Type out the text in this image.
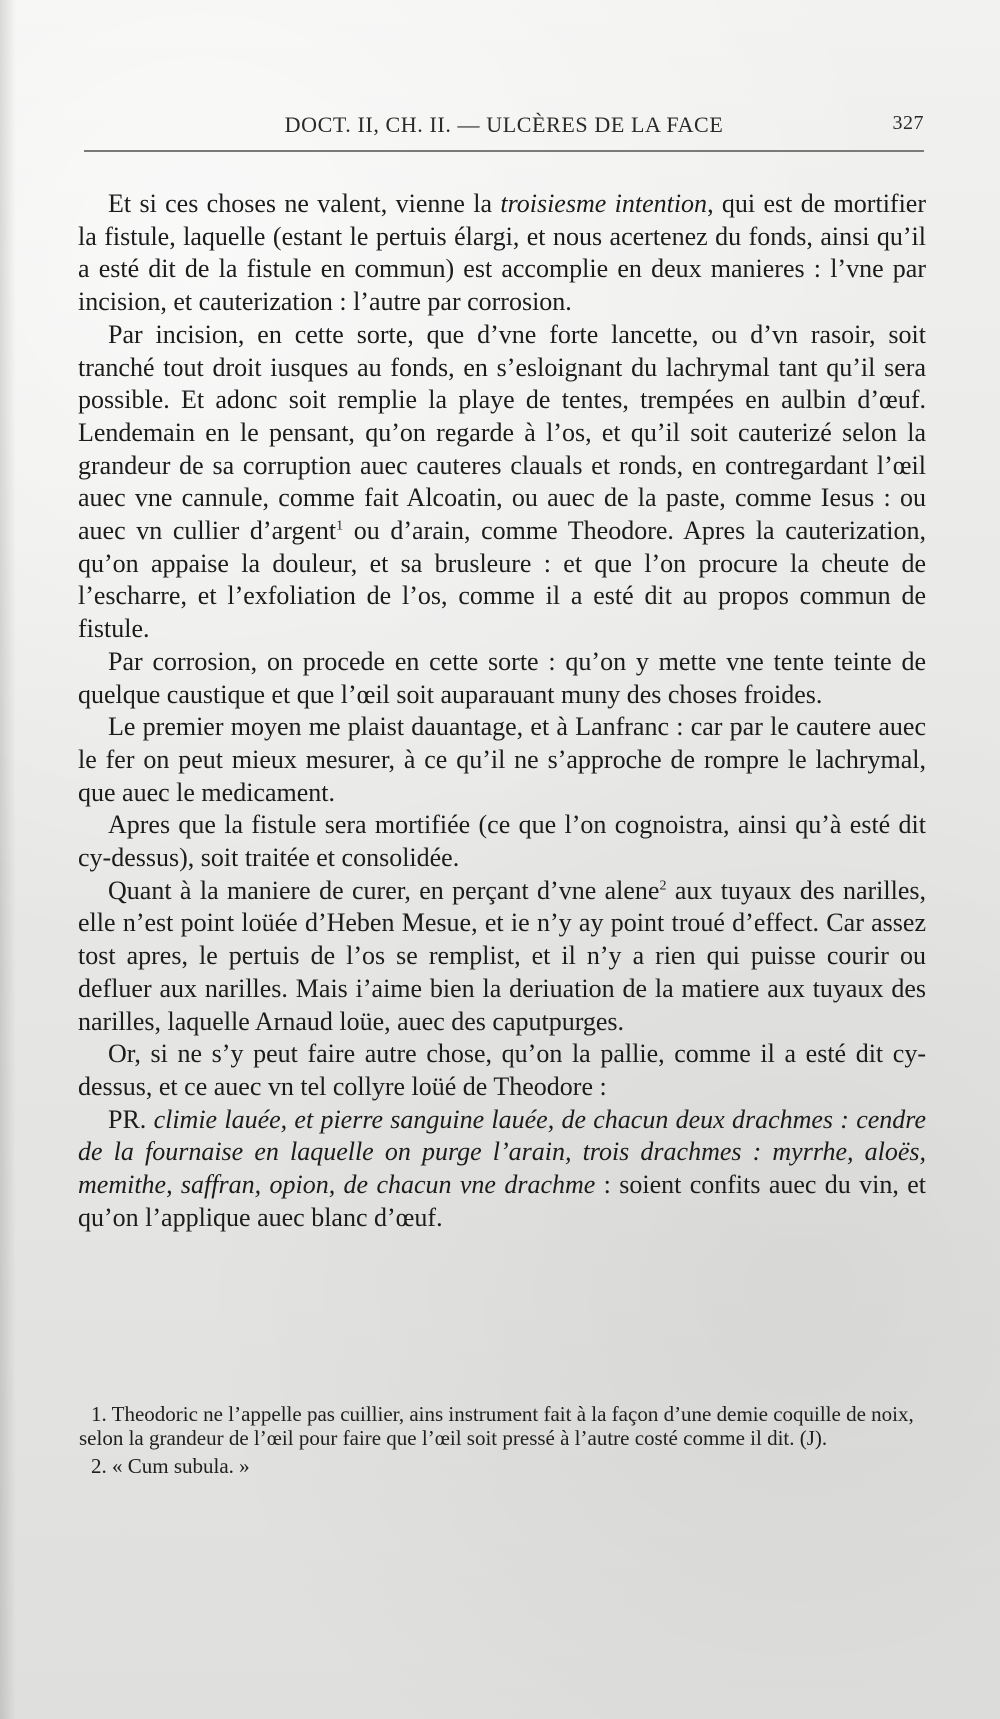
DOCT. II, CH. II. — ULCÈRES DE LA FACE	327

Et si ces choses ne valent, vienne la troisiesme intention, qui est de mortifier la fistule, laquelle (estant le pertuis élargi, et nous acertenez du fonds, ainsi qu’il a esté dit de la fistule en commun) est accomplie en deux manieres : l’vne par incision, et cauterization : l’autre par corrosion.

Par incision, en cette sorte, que d’vne forte lancette, ou d’vn rasoir, soit tranché tout droit iusques au fonds, en s’esloignant du lachrymal tant qu’il sera possible. Et adonc soit remplie la playe de tentes, trempées en aulbin d’œuf. Lendemain en le pensant, qu’on regarde à l’os, et qu’il soit cauterizé selon la grandeur de sa corruption auec cauteres clauals et ronds, en contregardant l’œil auec vne cannule, comme fait Alcoatin, ou auec de la paste, comme Iesus : ou auec vn cullier d’argent$^1$ ou d’arain, comme Theodore. Apres la cauterization, qu’on appaise la douleur, et sa brusleure : et que l’on procure la cheute de l’escharre, et l’exfoliation de l’os, comme il a esté dit au propos commun de fistule.

Par corrosion, on procede en cette sorte : qu’on y mette vne tente teinte de quelque caustique et que l’œil soit auparauant muny des choses froides.

Le premier moyen me plaist dauantage, et à Lanfranc : car par le cautere auec le fer on peut mieux mesurer, à ce qu’il ne s’approche de rompre le lachrymal, que auec le medicament.

Apres que la fistule sera mortifiée (ce que l’on cognoistra, ainsi qu’à esté dit cy-dessus), soit traitée et consolidée.

Quant à la maniere de curer, en perçant d’vne alene$^2$ aux tuyaux des narilles, elle n’est point loüée d’Heben Mesue, et ie n’y ay point troué d’effect. Car assez tost apres, le pertuis de l’os se remplist, et il n’y a rien qui puisse courir ou defluer aux narilles. Mais i’aime bien la deriuation de la matiere aux tuyaux des narilles, laquelle Arnaud loüe, auec des caputpurges.

Or, si ne s’y peut faire autre chose, qu’on la pallie, comme il a esté dit cy-dessus, et ce auec vn tel collyre loüé de Theodore :

PR. climie lauée, et pierre sanguine lauée, de chacun deux drachmes : cendre de la fournaise en laquelle on purge l’arain, trois drachmes : myrrhe, aloës, memithe, saffran, opion, de chacun vne drachme : soient confits auec du vin, et qu’on l’applique auec blanc d’œuf.

1. Theodoric ne l’appelle pas cuillier, ains instrument fait à la façon d’une demie coquille de noix, selon la grandeur de l’œil pour faire que l’œil soit pressé à l’autre costé comme il dit. (J).

2. « Cum subula. »
